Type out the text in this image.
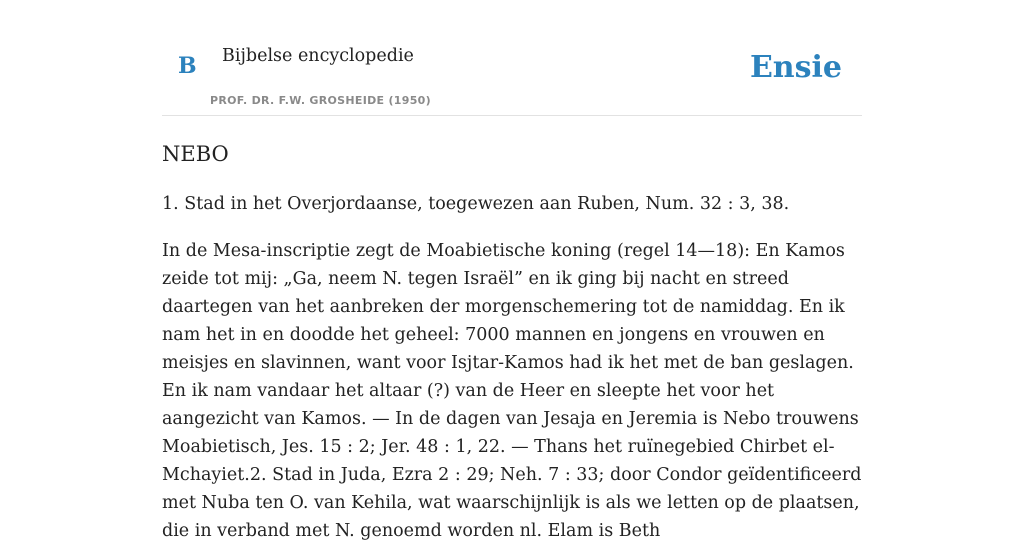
B Bijbelse encyclopedie
PROF. DR. F.W. GROSHEIDE (1950)
Ensie
NEBO

1. Stad in het Overjordaanse, toegewezen aan Ruben, Num. 32 : 3, 38.

In de Mesa-inscriptie zegt de Moabietische koning (regel 14—18): En Kamos zeide tot mij: „Ga, neem N. tegen Israël” en ik ging bij nacht en streed daartegen van het aanbreken der morgenschemering tot de namiddag. En ik nam het in en doodde het geheel: 7000 mannen en jongens en vrouwen en meisjes en slavinnen, want voor Isjtar-Kamos had ik het met de ban geslagen. En ik nam vandaar het altaar (?) van de Heer en sleepte het voor het aangezicht van Kamos. — In de dagen van Jesaja en Jeremia is Nebo trouwens Moabietisch, Jes. 15 : 2; Jer. 48 : 1, 22. — Thans het ruïnegebied Chirbet el-Mchayiet.2. Stad in Juda, Ezra 2 : 29; Neh. 7 : 33; door Condor geïdentificeerd met Nuba ten O. van Kehila, wat waarschijnlijk is als we letten op de plaatsen, die in verband met N. genoemd worden nl. Elam is Beth
